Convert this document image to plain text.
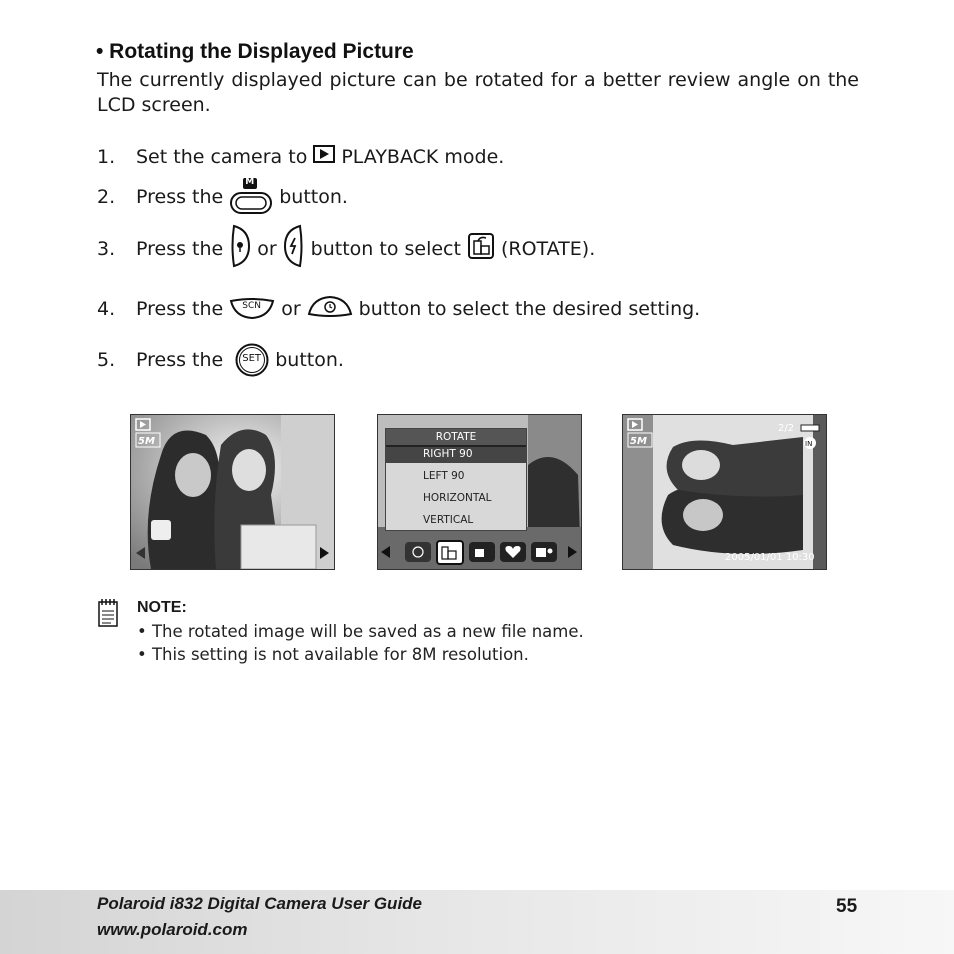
• Rotating the Displayed Picture
The currently displayed picture can be rotated for a better review angle on the LCD screen.
1.	Set the camera to PLAYBACK mode.
2.	Press the
M
button.
3.	Press the or button to select (ROTATE).
4.	Press the SCN or	button to select the desired setting.
5.	Press the SET button.
5M	ROTATE
RIGHT 90
LEFT 90
HORIZONTAL
VERTICAL
5M
2/2
IN
2005/01/01 10:30
NOTE:
• The rotated image will be saved as a new file name.
• This setting is not available for 8M resolution.
Polaroid i832 Digital Camera User Guide
www.polaroid.com
55
